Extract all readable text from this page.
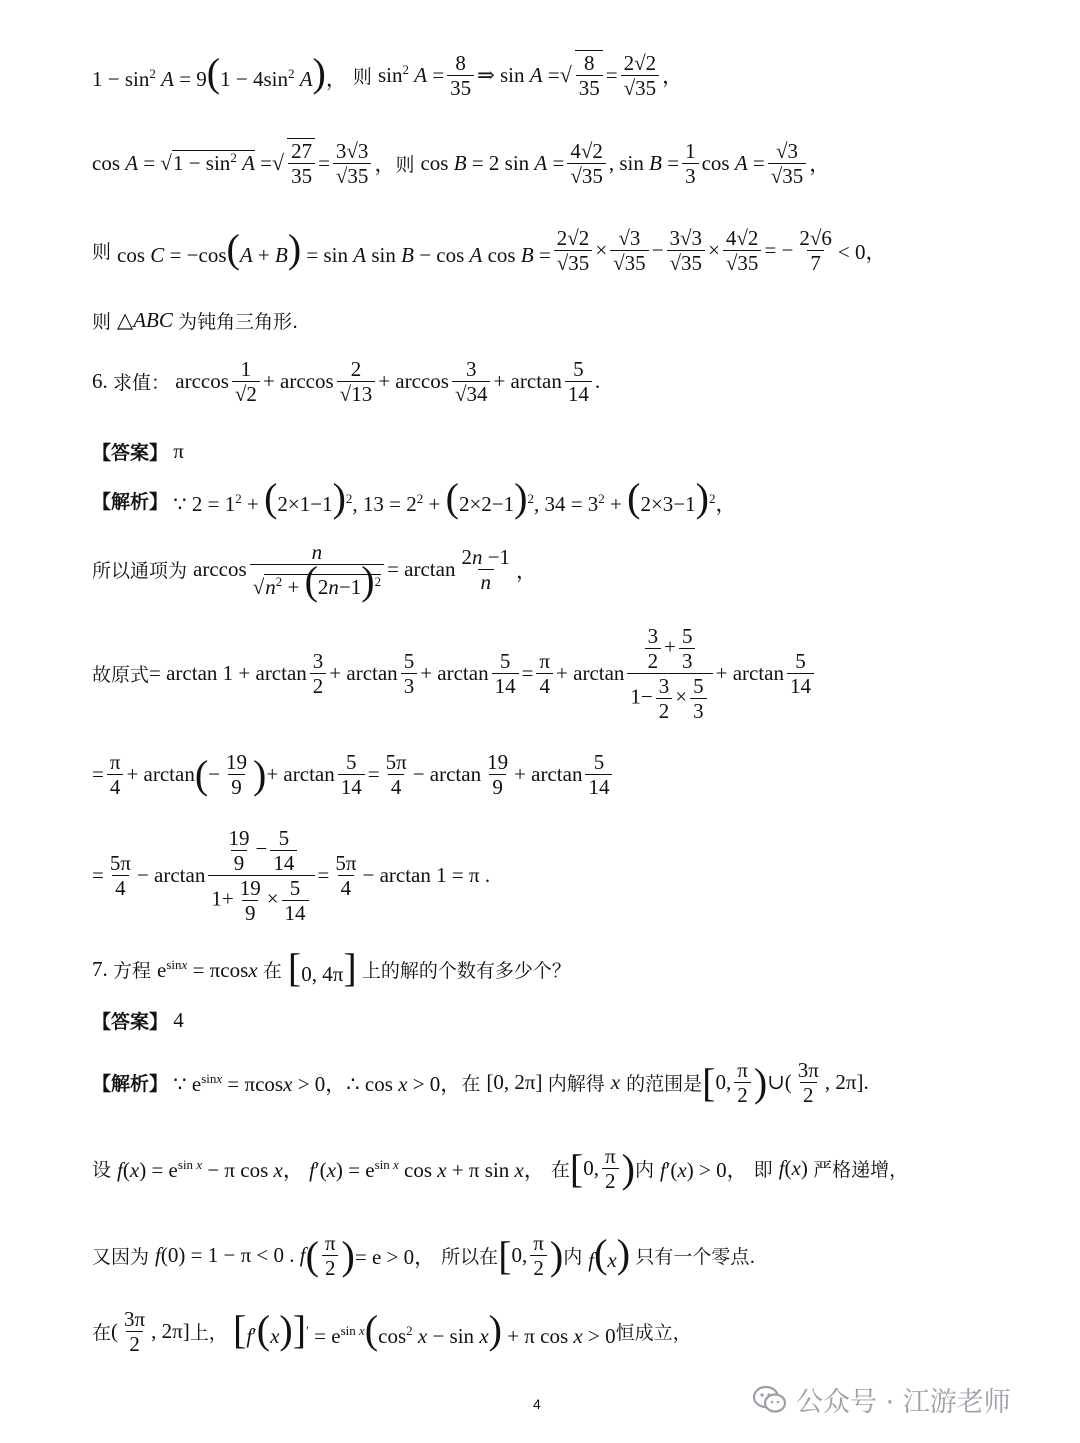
$1 - \sin^2 A = 9(1 - 4\sin^2$ A)， 则 $\sin^2 A = \frac{8}{35}$ ⇒ sin A = √ $\frac{8}{35} = \frac{2√2}{√35}$ ，
$\cos A = √1 - \sin^2 A$ = √ $\frac{27}{35} = \frac{3√3}{√35}$ ， 则 cos B = 2 $\sin A = \frac{4√2}{√35}$ , $\sin B = \frac{1}{3}$ $\cos A = \frac{√3}{√35}$ ，
则 cos C = −cos(A + B) = sin A sin B − cos A $\cos B = \frac{2√2}{√35} \times \frac{√3}{√35} - \frac{3√3}{√35} \times \frac{4√2}{√35}$ = − $\frac{2√6}{7} < 0$，
则 △ABC 为钝角三角形.
6. 求值： $\arccos \frac{1}{√2} + \arccos \frac{2}{√13} + \arccos \frac{3}{√34} + \arctan \frac{5}{14}$ .
【答案】 π
【解析】 ∵ $2 = 1^2 + (2\times 1-1)^2$, $13 = 2^2 + (2\times 2-1)^2$, $34 = 3^2 + (2\times 3-1)^2$，
所以通项为 $\arccos \frac{n}{√n^2 + (2n-1)^2} = \arctan \frac{2n -1}{n}$ ，
故原式 = $\arctan 1 + \arctan \frac{3}{2} + \arctan \frac{5}{3} + \arctan \frac{5}{14} = \frac{\pi}{4} + \arctan \frac{\frac{3}{2} + \frac{5}{3}}{1- \frac{3}{2} \times \frac{5}{3}} + \arctan \frac{5}{14}$
= $\frac{\pi}{4} + \arctan$ ( − $\frac{19}{9}$ ) + $\arctan \frac{5}{14} = \frac{5\pi}{4} - \arctan \frac{19}{9} + \arctan \frac{5}{14}$
= $\frac{5\pi}{4} - \arctan \frac{\frac{19}{9} - \frac{5}{14}}{1+ \frac{19}{9} \times \frac{5}{14}} = \frac{5\pi}{4} - \arctan 1 = \pi$ .
7. 方程 $e^{sinx} = \pi\cos x$ 在 [0, 4π] 上的解的个数有多少个？
【答案】 4
【解析】 ∵ $e^{sinx} = \pi\cos x > 0$， ∴ cos x > 0， 在 [0, 2π] 内解得 x 的范围是 [ 0, $\frac{\pi}{2}$ ) ∪( $\frac{3\pi}{2}$ , 2π].
设 $f(x) = e^{sin x} - \pi$ cos x， $f'(x) = e^{sin x}$ cos x + π sin x， 在 [ 0, $\frac{\pi}{2}$ ) 内 f′(x) > 0， 即 f(x) 严格递增，
又因为 f(0) = 1 − π < 0 . f ( $\frac{\pi}{2}$ ) = e > 0， 所以在 [ 0, $\frac{\pi}{2}$ ) 内 f(x) 只有一个零点.
在 ( $\frac{3\pi}{2}$ , 2π] 上， $[f'(x)]' = e^{sin x}(\cos^2$ x − sin x) + π cos x > 0 恒成立，
4	公众号 · 江游老师
